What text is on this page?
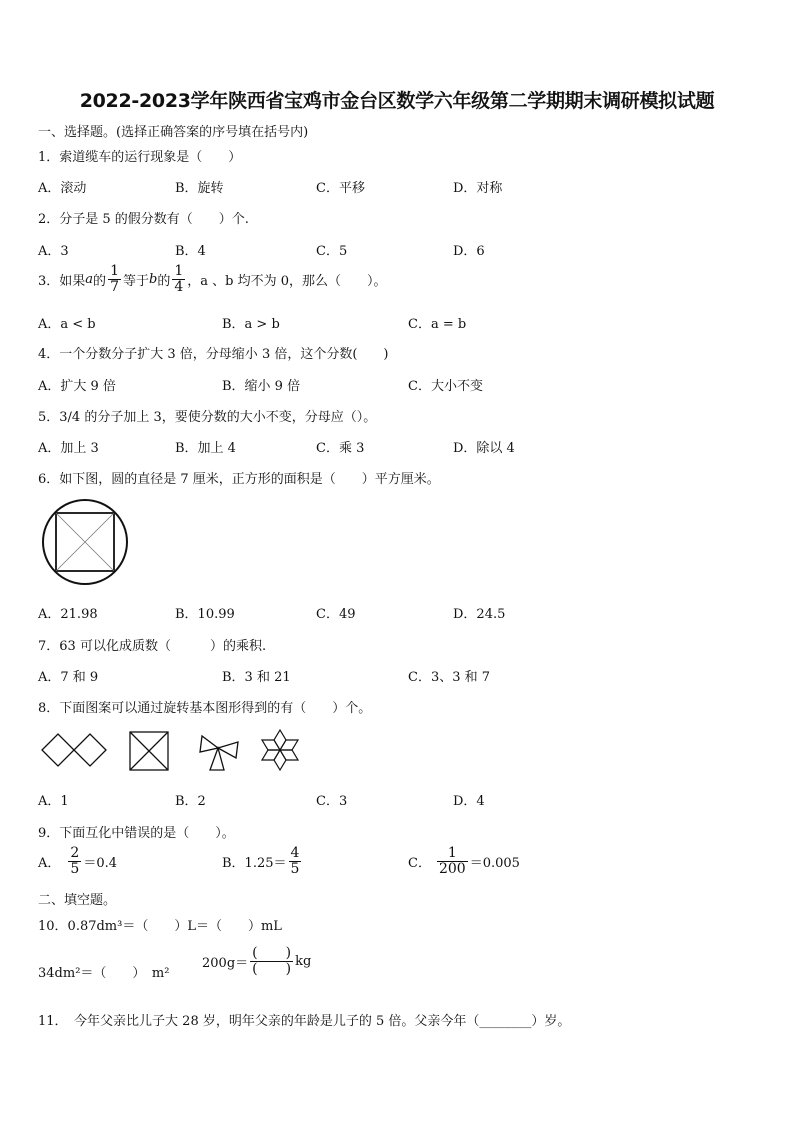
2022-2023学年陕西省宝鸡市金台区数学六年级第二学期期末调研模拟试题
一、选择题。(选择正确答案的序号填在括号内)
1．索道缆车的运行现象是（　　）
A．滚动	B．旋转	C．平移	D．对称
2．分子是 5 的假分数有（　　）个.
A．3	B．4	C．5	D．6
3．如果 a 的 $\frac{1}{7}$ 等于 b 的 $\frac{1}{4}$ ，a 、b 均不为 0，那么（　　）。
A．a < b	B．a > b	C．a = b
4．一个分数分子扩大 3 倍，分母缩小 3 倍，这个分数(　　)
A．扩大 9 倍	B．缩小 9 倍	C．大小不变
5．3/4 的分子加上 3，要使分数的大小不变，分母应（）。
A．加上 3	B．加上 4	C．乘 3	D．除以 4
6．如下图，圆的直径是 7 厘米，正方形的面积是（　　）平方厘米。
A．21.98	B．10.99	C．49	D．24.5
7．63 可以化成质数（　　　）的乘积.
A．7 和 9	B．3 和 21	C．3、3 和 7
8．下面图案可以通过旋转基本图形得到的有（　　）个。
A．1	B．2	C．3	D．4
9．下面互化中错误的是（　　）。
A． $\frac{2}{5} =0.4$	B．$1.25= \frac{4}{5}$	C． $\frac{1}{200} =0.005$
二、填空题。
10．0.87dm³＝（　　）L＝（　　）mL
34dm²＝（　　）　m²
$200g= \frac{( )}{( )}$ kg
11．　今年父亲比儿子大 28 岁，明年父亲的年龄是儿子的 5 倍。父亲今年（________）岁。
